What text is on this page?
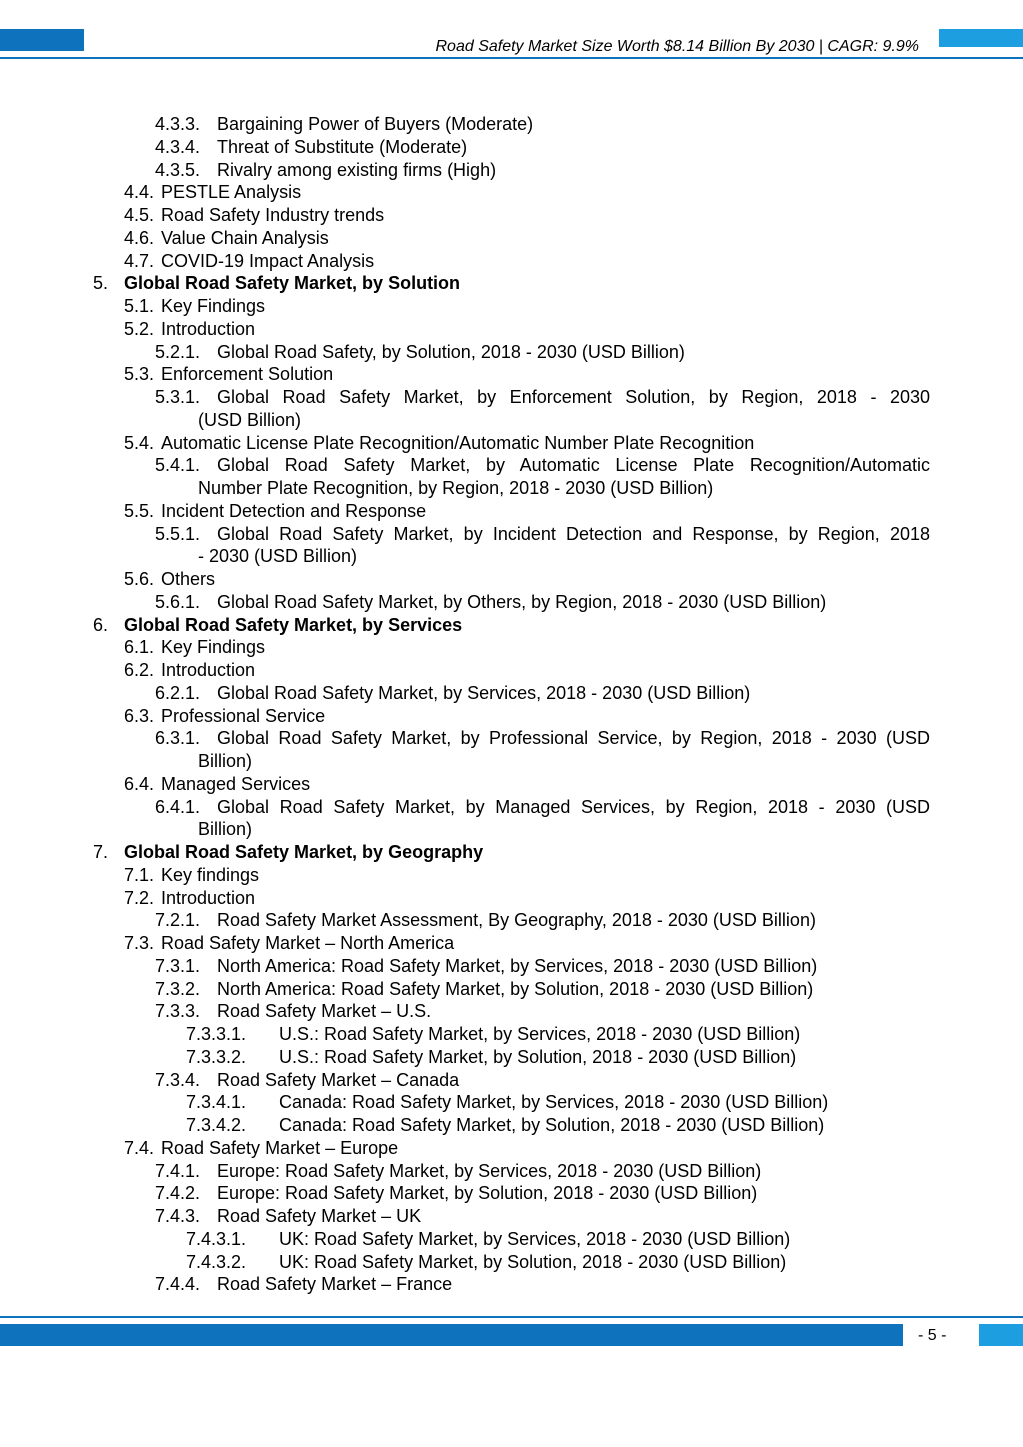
Road Safety Market Size Worth $8.14 Billion By 2030 | CAGR: 9.9%
4.3.3. Bargaining Power of Buyers (Moderate)
4.3.4. Threat of Substitute (Moderate)
4.3.5. Rivalry among existing firms (High)
4.4. PESTLE Analysis
4.5. Road Safety Industry trends
4.6. Value Chain Analysis
4.7. COVID-19 Impact Analysis
5. Global Road Safety Market, by Solution
5.1. Key Findings
5.2. Introduction
5.2.1. Global Road Safety, by Solution, 2018 - 2030 (USD Billion)
5.3. Enforcement Solution
5.3.1. Global Road Safety Market, by Enforcement Solution, by Region, 2018 - 2030
(USD Billion)
5.4. Automatic License Plate Recognition/Automatic Number Plate Recognition
5.4.1. Global Road Safety Market, by Automatic License Plate Recognition/Automatic
Number Plate Recognition, by Region, 2018 - 2030 (USD Billion)
5.5. Incident Detection and Response
5.5.1. Global Road Safety Market, by Incident Detection and Response, by Region, 2018
- 2030 (USD Billion)
5.6. Others
5.6.1. Global Road Safety Market, by Others, by Region, 2018 - 2030 (USD Billion)
6. Global Road Safety Market, by Services
6.1. Key Findings
6.2. Introduction
6.2.1. Global Road Safety Market, by Services, 2018 - 2030 (USD Billion)
6.3. Professional Service
6.3.1. Global Road Safety Market, by Professional Service, by Region, 2018 - 2030 (USD
Billion)
6.4. Managed Services
6.4.1. Global Road Safety Market, by Managed Services, by Region, 2018 - 2030 (USD
Billion)
7. Global Road Safety Market, by Geography
7.1. Key findings
7.2. Introduction
7.2.1. Road Safety Market Assessment, By Geography, 2018 - 2030 (USD Billion)
7.3. Road Safety Market – North America
7.3.1. North America: Road Safety Market, by Services, 2018 - 2030 (USD Billion)
7.3.2. North America: Road Safety Market, by Solution, 2018 - 2030 (USD Billion)
7.3.3. Road Safety Market – U.S.
7.3.3.1. U.S.: Road Safety Market, by Services, 2018 - 2030 (USD Billion)
7.3.3.2. U.S.: Road Safety Market, by Solution, 2018 - 2030 (USD Billion)
7.3.4. Road Safety Market – Canada
7.3.4.1. Canada: Road Safety Market, by Services, 2018 - 2030 (USD Billion)
7.3.4.2. Canada: Road Safety Market, by Solution, 2018 - 2030 (USD Billion)
7.4. Road Safety Market – Europe
7.4.1. Europe: Road Safety Market, by Services, 2018 - 2030 (USD Billion)
7.4.2. Europe: Road Safety Market, by Solution, 2018 - 2030 (USD Billion)
7.4.3. Road Safety Market – UK
7.4.3.1. UK: Road Safety Market, by Services, 2018 - 2030 (USD Billion)
7.4.3.2. UK: Road Safety Market, by Solution, 2018 - 2030 (USD Billion)
7.4.4. Road Safety Market – France
- 5 -
